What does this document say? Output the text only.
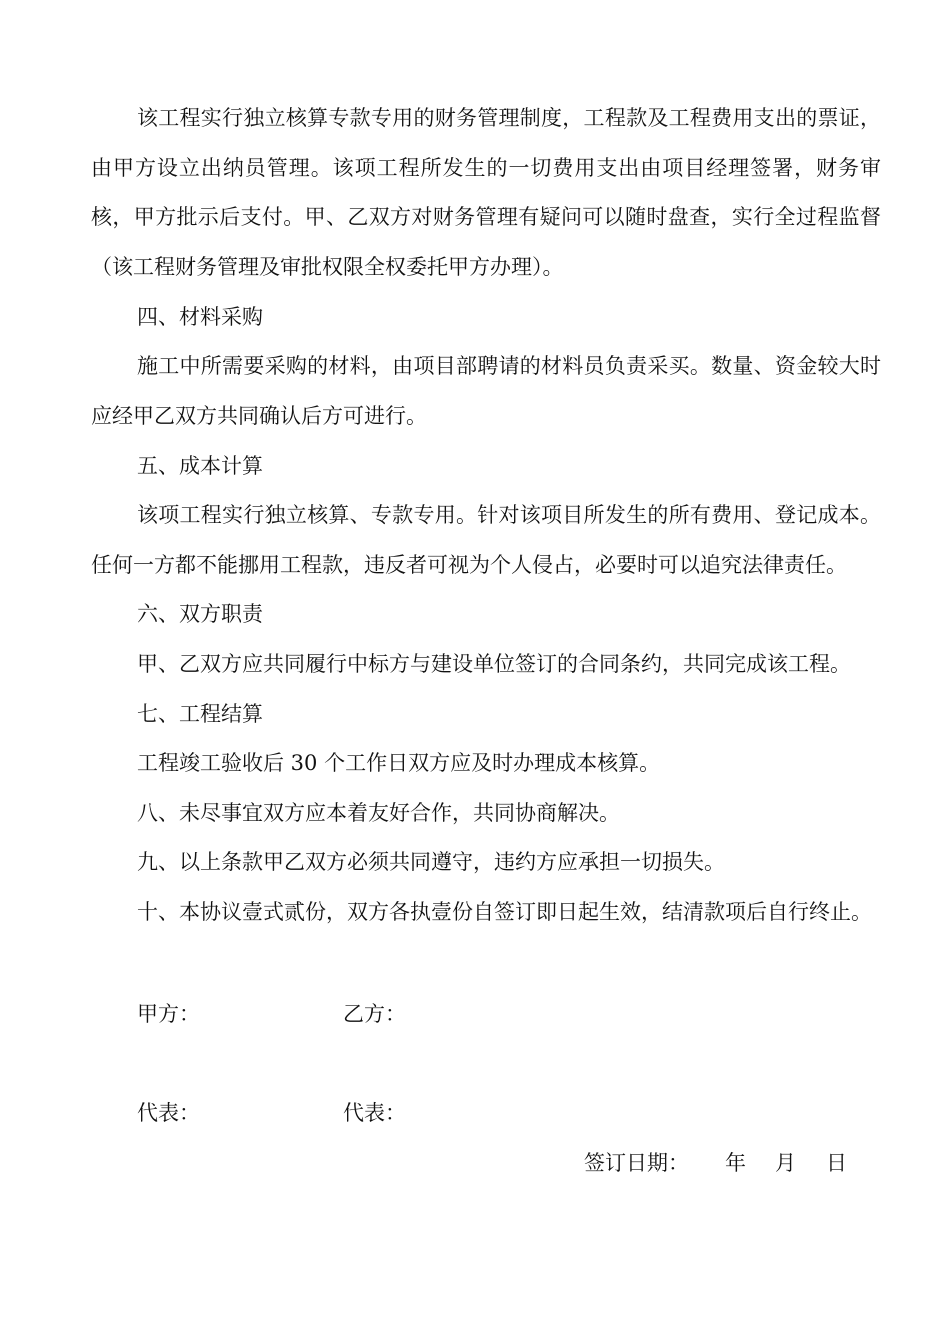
该工程实行独立核算专款专用的财务管理制度，工程款及工程费用支出的票证，由甲方设立出纳员管理。该项工程所发生的一切费用支出由项目经理签署，财务审核，甲方批示后支付。甲、乙双方对财务管理有疑问可以随时盘查，实行全过程监督（该工程财务管理及审批权限全权委托甲方办理）。

四、材料采购

施工中所需要采购的材料，由项目部聘请的材料员负责采买。数量、资金较大时应经甲乙双方共同确认后方可进行。

五、成本计算

该项工程实行独立核算、专款专用。针对该项目所发生的所有费用、登记成本。任何一方都不能挪用工程款，违反者可视为个人侵占，必要时可以追究法律责任。

六、双方职责

甲、乙双方应共同履行中标方与建设单位签订的合同条约，共同完成该工程。

七、工程结算

工程竣工验收后 30 个工作日双方应及时办理成本核算。

八、未尽事宜双方应本着友好合作，共同协商解决。

九、以上条款甲乙双方必须共同遵守，违约方应承担一切损失。

十、本协议壹式贰份，双方各执壹份自签订即日起生效，结清款项后自行终止。

甲方：	乙方：
代表：	代表：
签订日期： 年 月 日
